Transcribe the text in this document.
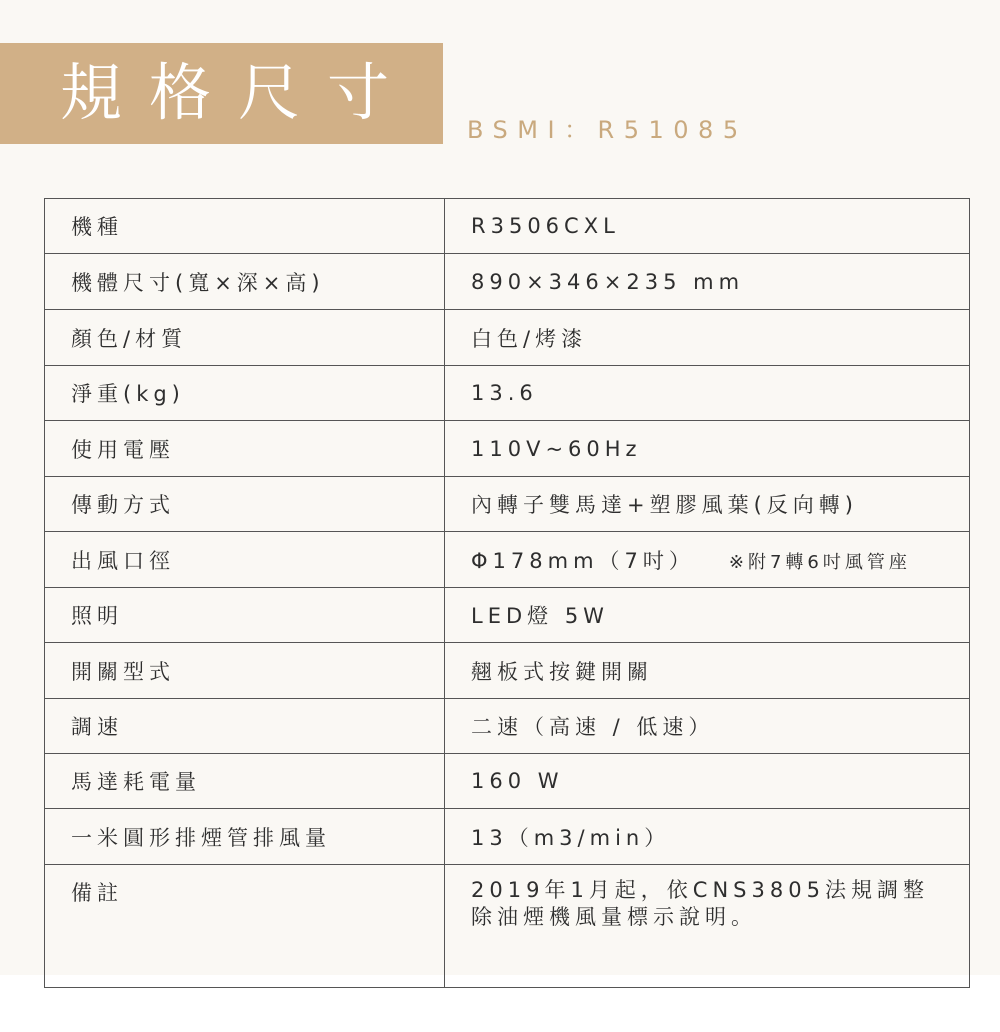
規格尺寸
BSMI：R51085
機種	R3506CXL
機體尺寸(寬×深×高)	890×346×235 mm
顏色/材質	白色/烤漆
淨重(kg)	13.6
使用電壓	110V~60Hz
傳動方式	內轉子雙馬達+塑膠風葉(反向轉)
出風口徑	Φ178mm（7吋） ※附7轉6吋風管座
照明	LED燈 5W
開關型式	翹板式按鍵開關
調速	二速（高速 / 低速）
馬達耗電量	160 W
一米圓形排煙管排風量	13（m3/min）
備註	2019年1月起，依CNS3805法規調整
除油煙機風量標示說明。
